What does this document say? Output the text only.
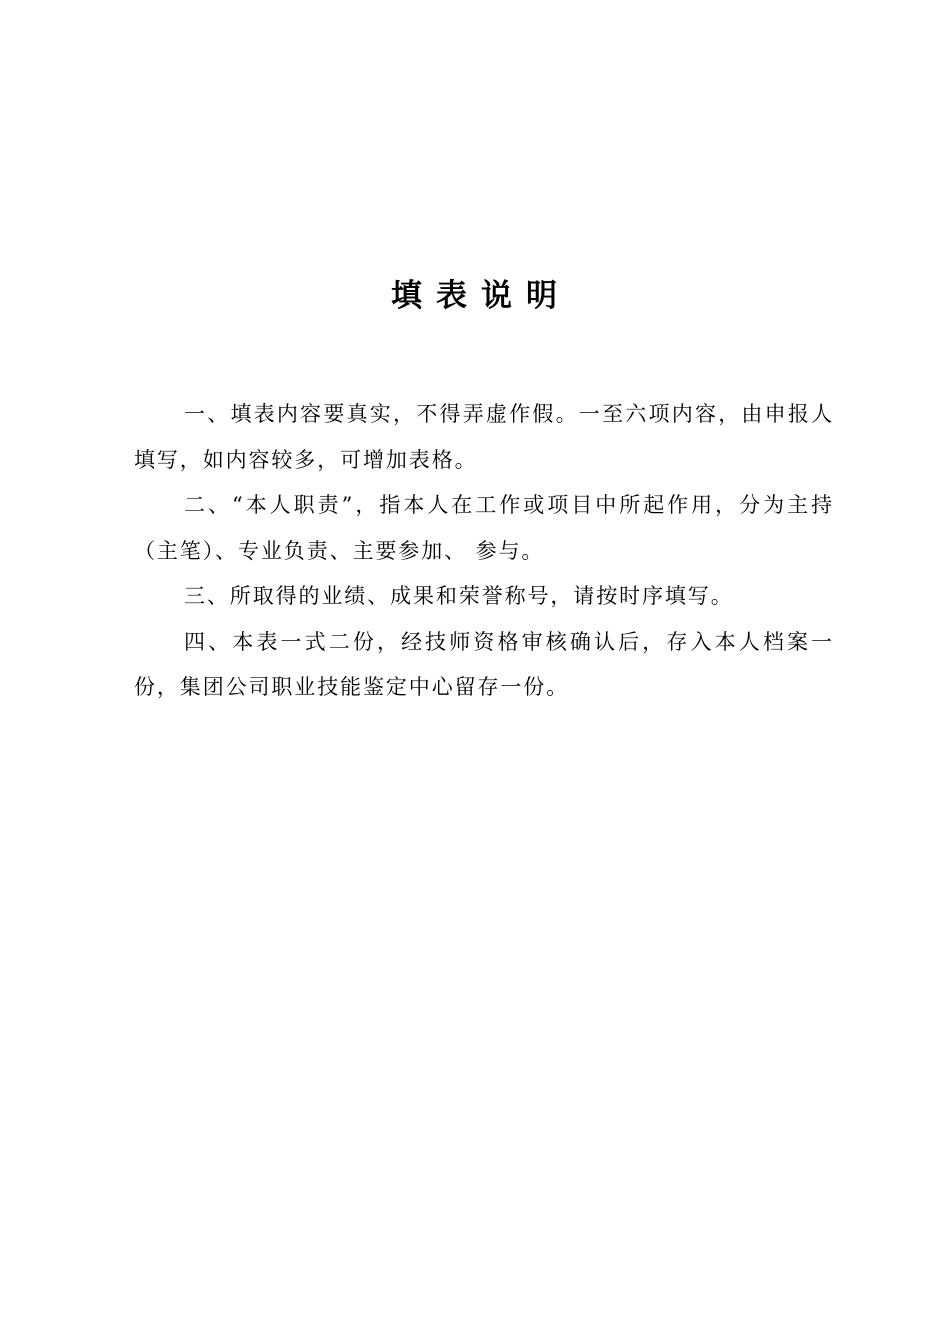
填表说明

一、填表内容要真实，不得弄虚作假。一至六项内容，由申报人填写，如内容较多，可增加表格。

二、“本人职责”，指本人在工作或项目中所起作用，分为主持（主笔）、专业负责、主要参加、 参与。

三、所取得的业绩、成果和荣誉称号，请按时序填写。

四、本表一式二份，经技师资格审核确认后，存入本人档案一份，集团公司职业技能鉴定中心留存一份。
